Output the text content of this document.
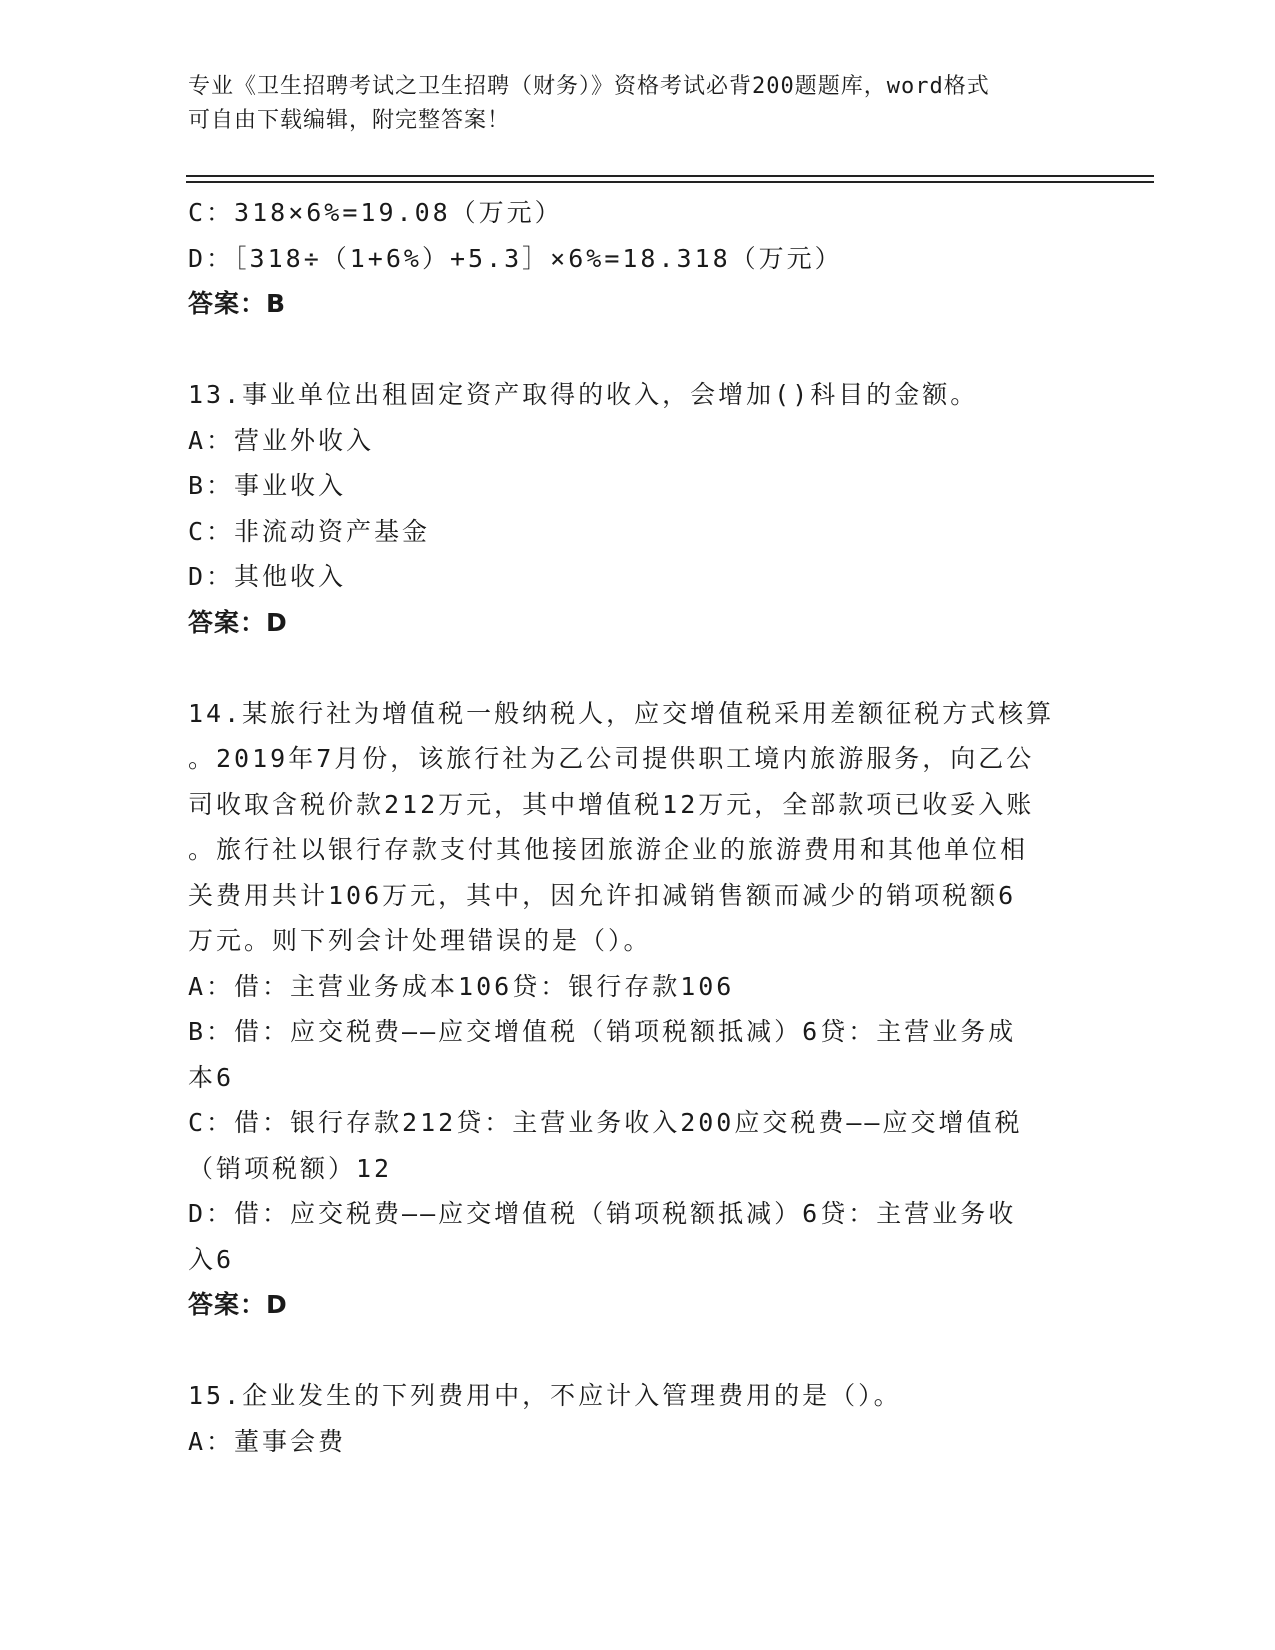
专业《卫生招聘考试之卫生招聘（财务）》资格考试必背200题题库，word格式
可自由下载编辑，附完整答案！
C：318×6%=19.08（万元）
D：［318÷（1+6%）+5.3］×6%=18.318（万元）
答案：B
13.事业单位出租固定资产取得的收入，会增加()科目的金额。
A：营业外收入
B：事业收入
C：非流动资产基金
D：其他收入
答案：D
14.某旅行社为增值税一般纳税人，应交增值税采用差额征税方式核算
。2019年7月份，该旅行社为乙公司提供职工境内旅游服务，向乙公
司收取含税价款212万元，其中增值税12万元，全部款项已收妥入账
。旅行社以银行存款支付其他接团旅游企业的旅游费用和其他单位相
关费用共计106万元，其中，因允许扣减销售额而减少的销项税额6
万元。则下列会计处理错误的是（）。
A：借：主营业务成本106贷：银行存款106
B：借：应交税费——应交增值税（销项税额抵减）6贷：主营业务成
本6
C：借：银行存款212贷：主营业务收入200应交税费——应交增值税
（销项税额）12
D：借：应交税费——应交增值税（销项税额抵减）6贷：主营业务收
入6
答案：D
15.企业发生的下列费用中，不应计入管理费用的是（）。
A：董事会费
